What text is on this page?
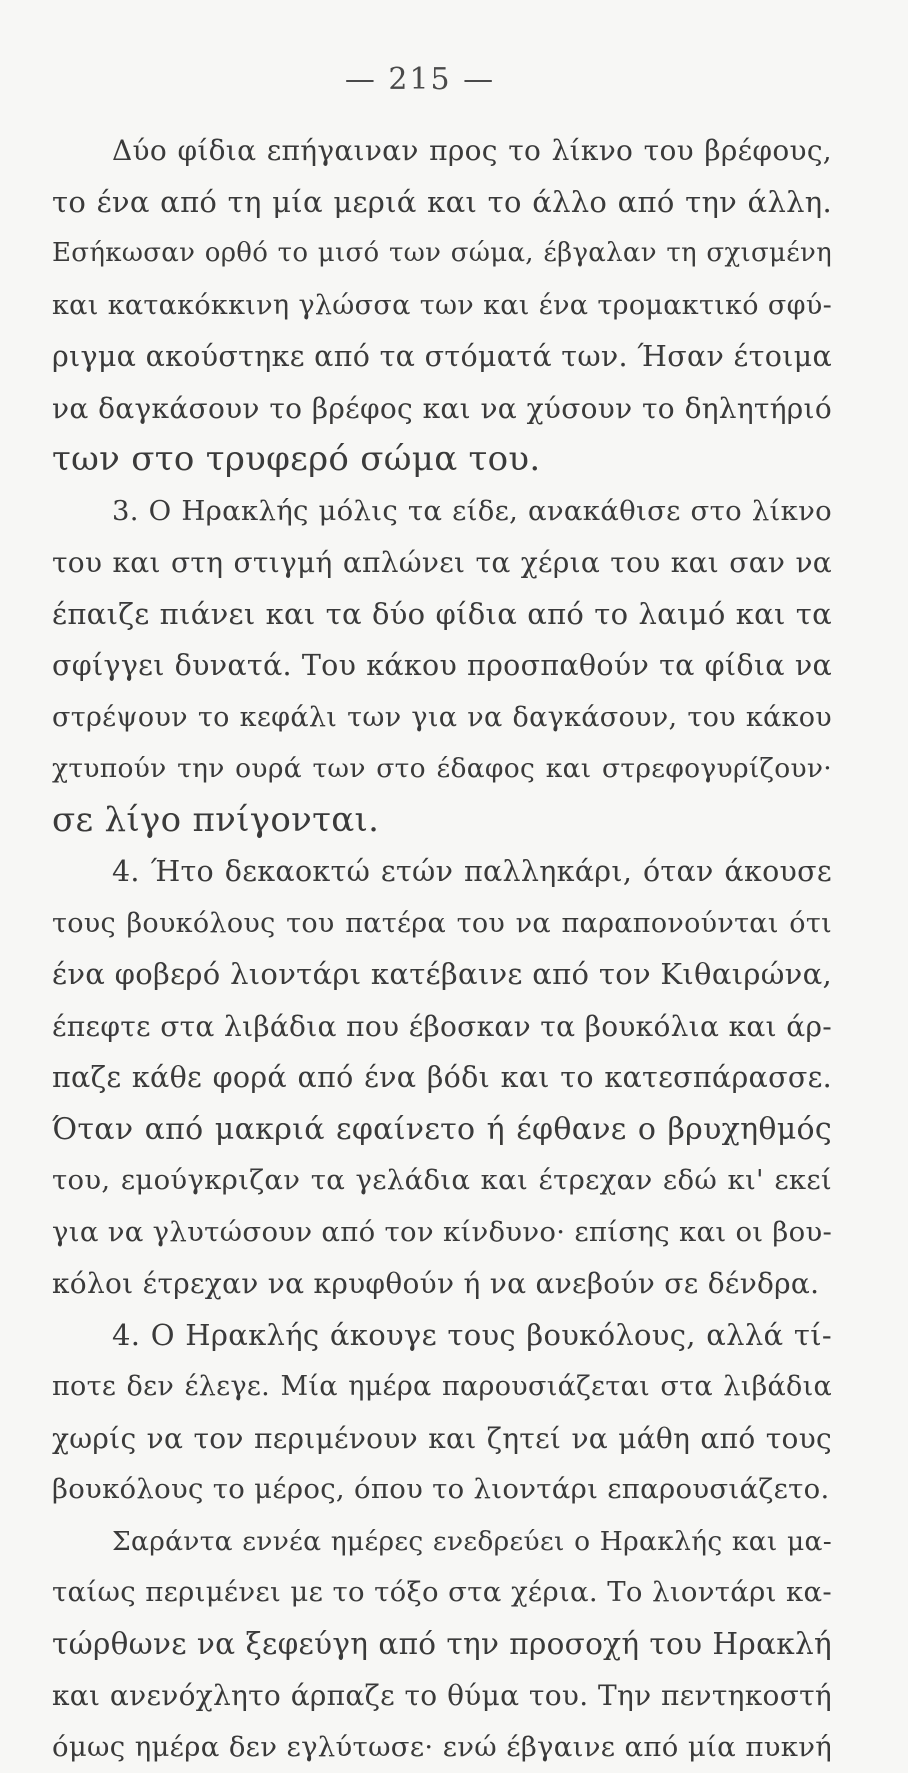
— 215 —
Δύο φίδια επήγαιναν προς το λίκνο του βρέφους,
το ένα από τη μία μεριά και το άλλο από την άλλη.
Εσήκωσαν ορθό το μισό των σώμα, έβγαλαν τη σχισμένη
και κατακόκκινη γλώσσα των και ένα τρομακτικό σφύ-
ριγμα ακούστηκε από τα στόματά των. Ήσαν έτοιμα
να δαγκάσουν το βρέφος και να χύσουν το δηλητήριό
των στο τρυφερό σώμα του.
3. Ο Ηρακλής μόλις τα είδε, ανακάθισε στο λίκνο
του και στη στιγμή απλώνει τα χέρια του και σαν να
έπαιζε πιάνει και τα δύο φίδια από το λαιμό και τα
σφίγγει δυνατά. Του κάκου προσπαθούν τα φίδια να
στρέψουν το κεφάλι των για να δαγκάσουν, του κάκου
χτυπούν την ουρά των στο έδαφος και στρεφογυρίζουν·
σε λίγο πνίγονται.
4. Ήτο δεκαοκτώ ετών παλληκάρι, όταν άκουσε
τους βουκόλους του πατέρα του να παραπονούνται ότι
ένα φοβερό λιοντάρι κατέβαινε από τον Κιθαιρώνα,
έπεφτε στα λιβάδια που έβοσκαν τα βουκόλια και άρ-
παζε κάθε φορά από ένα βόδι και το κατεσπάρασσε.
Όταν από μακριά εφαίνετο ή έφθανε ο βρυχηθμός
του, εμούγκριζαν τα γελάδια και έτρεχαν εδώ κι' εκεί
για να γλυτώσουν από τον κίνδυνο· επίσης και οι βου-
κόλοι έτρεχαν να κρυφθούν ή να ανεβούν σε δένδρα.
4. Ο Ηρακλής άκουγε τους βουκόλους, αλλά τί-
ποτε δεν έλεγε. Μία ημέρα παρουσιάζεται στα λιβάδια
χωρίς να τον περιμένουν και ζητεί να μάθη από τους
βουκόλους το μέρος, όπου το λιοντάρι επαρουσιάζετο.
Σαράντα εννέα ημέρες ενεδρεύει ο Ηρακλής και μα-
ταίως περιμένει με το τόξο στα χέρια. Το λιοντάρι κα-
τώρθωνε να ξεφεύγη από την προσοχή του Ηρακλή
και ανενόχλητο άρπαζε το θύμα του. Την πεντηκοστή
όμως ημέρα δεν εγλύτωσε· ενώ έβγαινε από μία πυκνή
